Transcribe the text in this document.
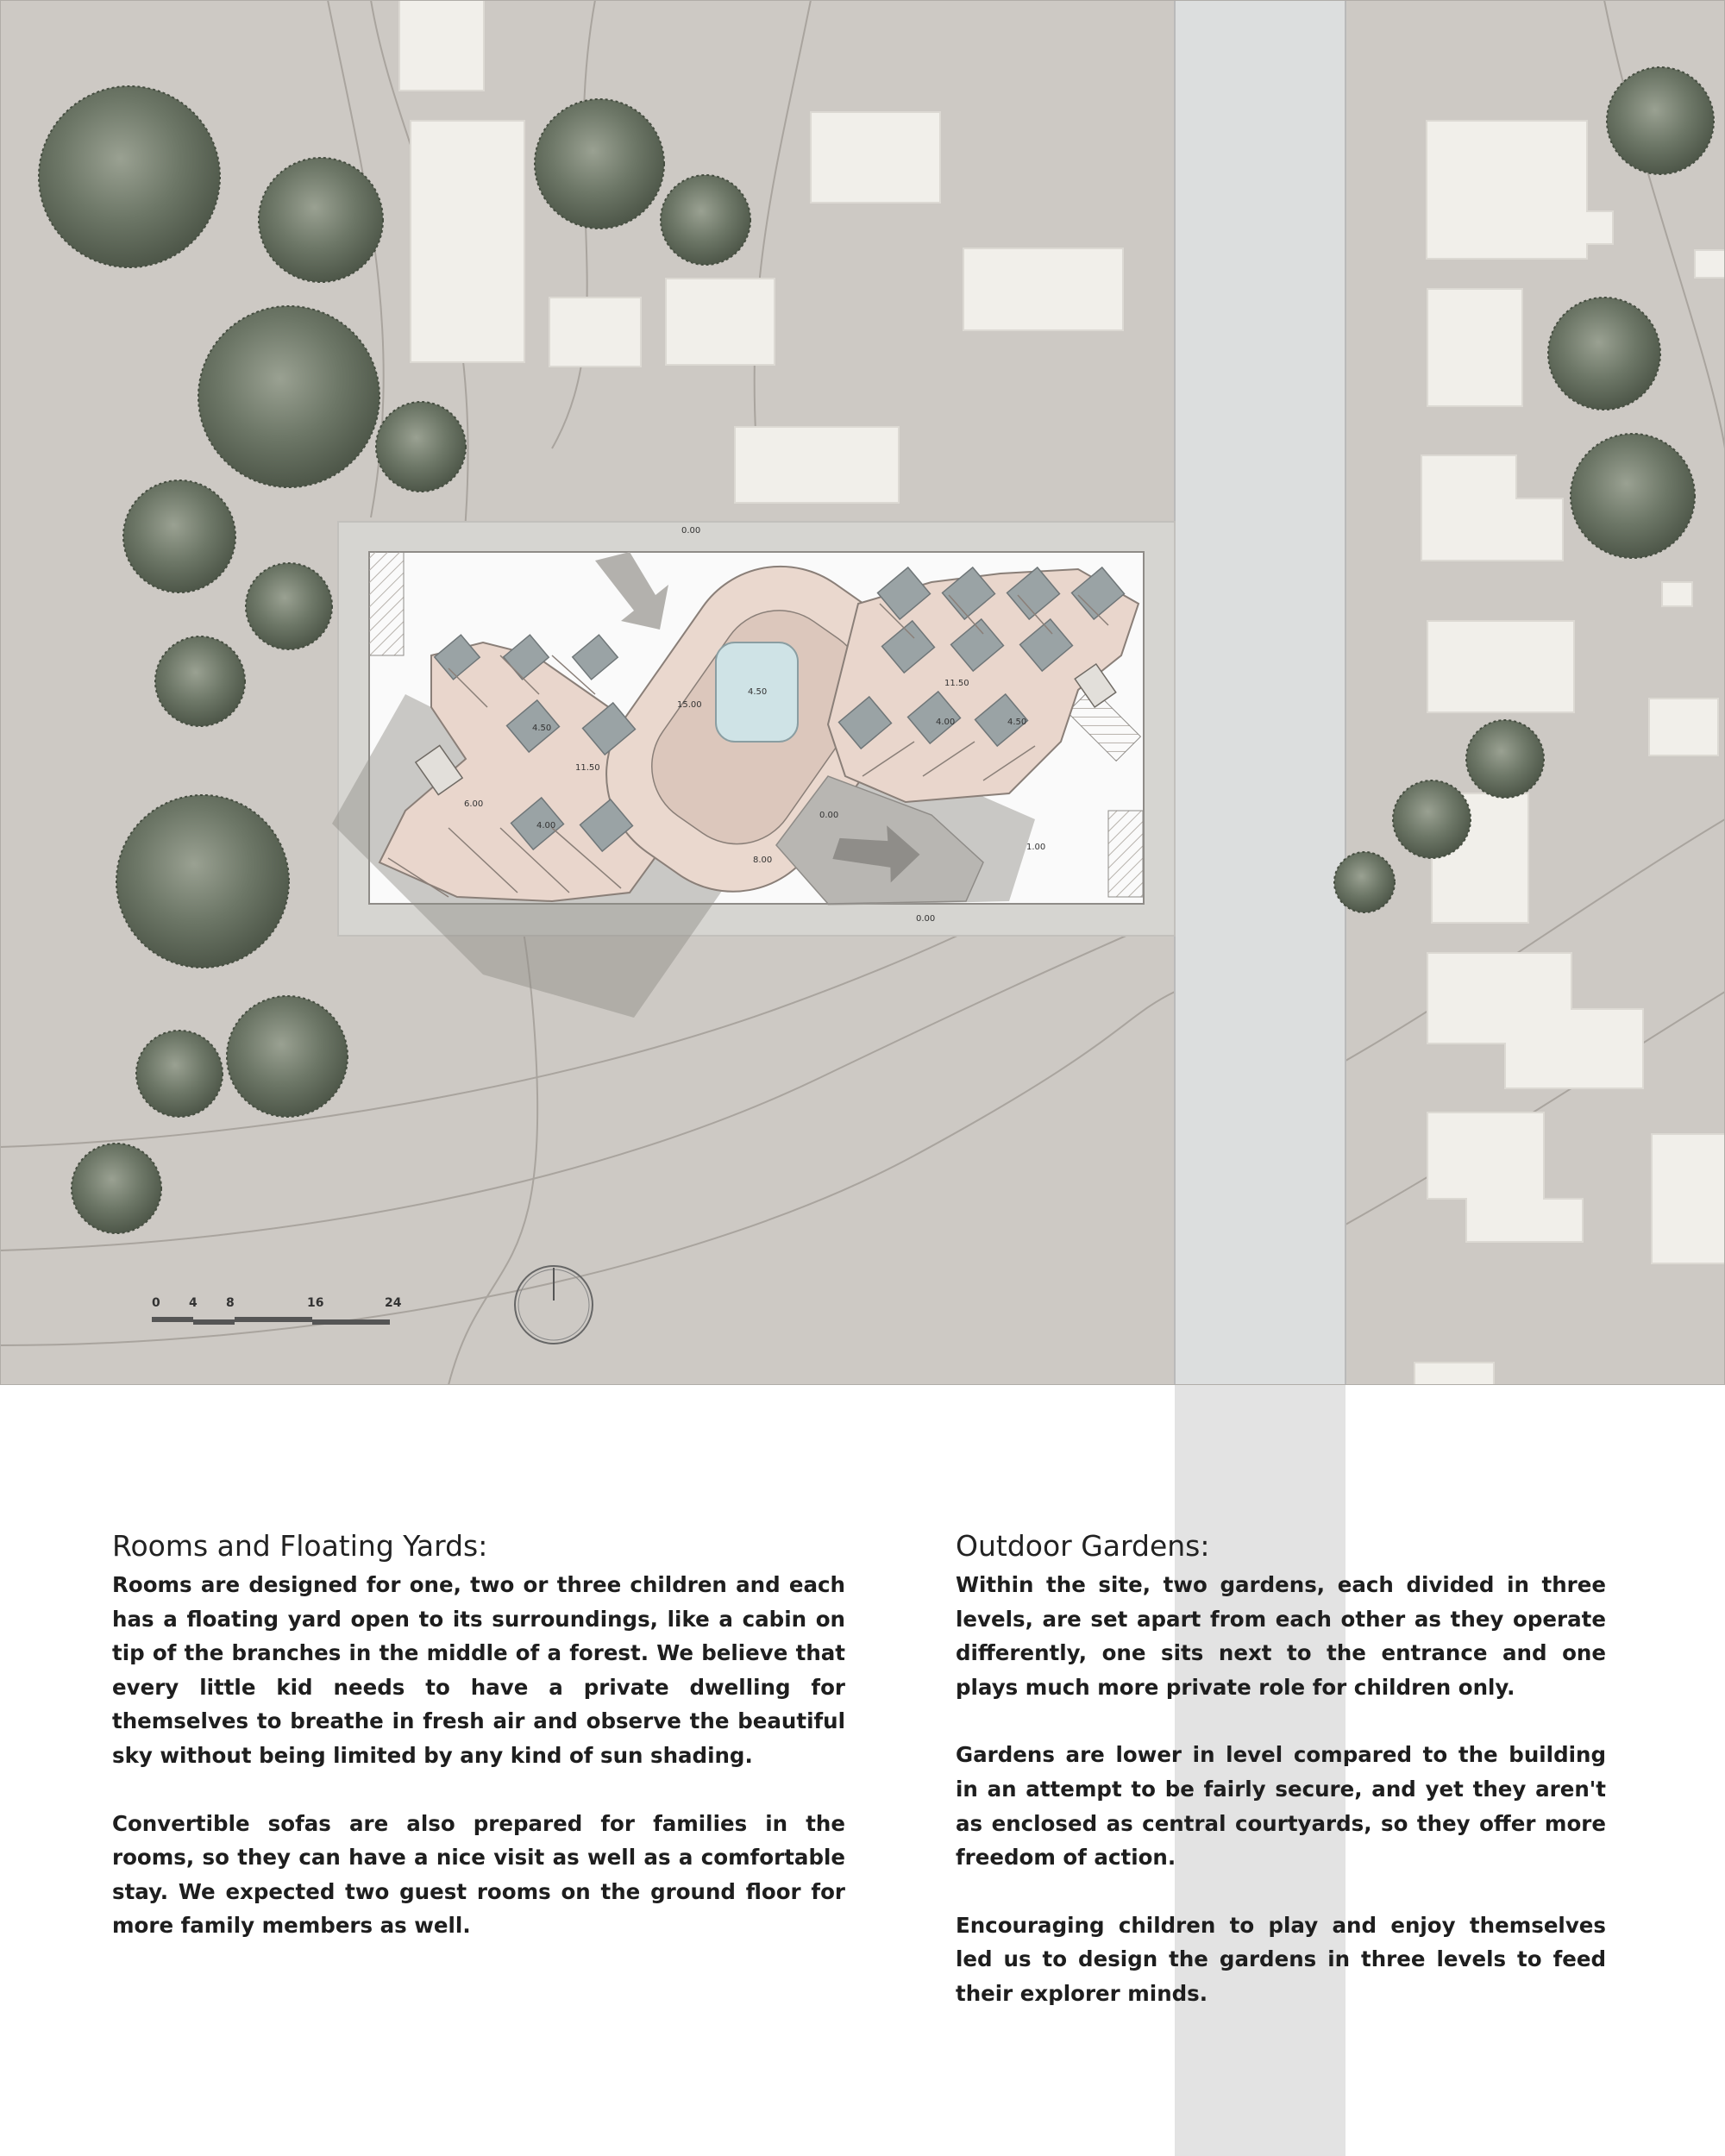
11.50
15.00
11.50
4.50
4.50
4.50
4.00
4.00
8.00
6.00
0.00
0.00
0.00
1.00
0 4 8	16	24
Rooms and Floating Yards:

Rooms are designed for one, two or three children and each has a floating yard open to its surroundings, like a cabin on tip of the branches in the middle of a forest. We believe that every little kid needs to have a private dwelling for themselves to breathe in fresh air and observe the beautiful sky without being limited by any kind of sun shading.

Convertible sofas are also prepared for families in the rooms, so they can have a nice visit as well as a comfortable stay. We expected two guest rooms on the ground floor for more family members as well.

Outdoor Gardens:

Within the site, two gardens, each divided in three levels, are set apart from each other as they operate differently, one sits next to the entrance and one plays much more private role for children only.

Gardens are lower in level compared to the building in an attempt to be fairly secure, and yet they aren't as enclosed as central courtyards, so they offer more freedom of action.

Encouraging children to play and enjoy themselves led us to design the gardens in three levels to feed their explorer minds.
